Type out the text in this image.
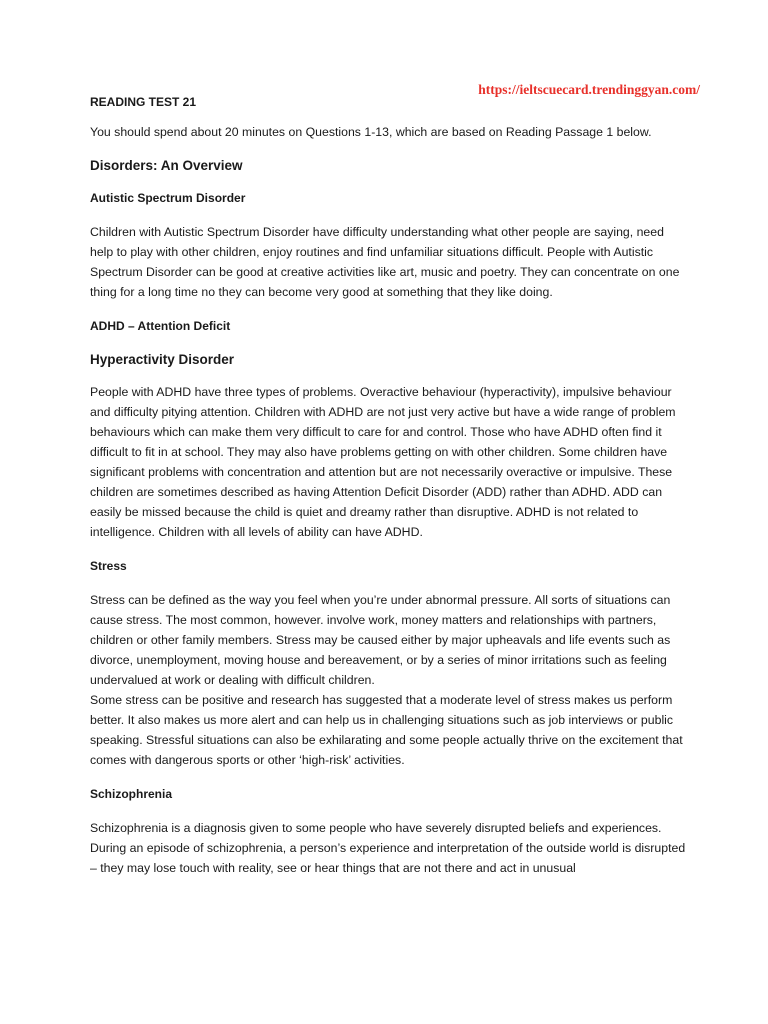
https://ieltscuecard.trendinggyan.com/
READING TEST 21

You should spend about 20 minutes on Questions 1-13, which are based on Reading Passage 1 below.

Disorders: An Overview

Autistic Spectrum Disorder

Children with Autistic Spectrum Disorder have difficulty understanding what other people are saying, need help to play with other children, enjoy routines and find unfamiliar situations difficult. People with Autistic Spectrum Disorder can be good at creative activities like art, music and poetry. They can concentrate on one thing for a long time no they can become very good at something that they like doing.

ADHD – Attention Deficit

Hyperactivity Disorder

People with ADHD have three types of problems. Overactive behaviour (hyperactivity), impulsive behaviour and difficulty pitying attention. Children with ADHD are not just very active but have a wide range of problem behaviours which can make them very difficult to care for and control. Those who have ADHD often find it difficult to fit in at school. They may also have problems getting on with other children. Some children have significant problems with concentration and attention but are not necessarily overactive or impulsive. These children are sometimes described as having Attention Deficit Disorder (ADD) rather than ADHD. ADD can easily be missed because the child is quiet and dreamy rather than disruptive. ADHD is not related to intelligence. Children with all levels of ability can have ADHD.

Stress

Stress can be defined as the way you feel when you’re under abnormal pressure. All sorts of situations can cause stress. The most common, however. involve work, money matters and relationships with partners, children or other family members. Stress may be caused either by major upheavals and life events such as divorce, unemployment, moving house and bereavement, or by a series of minor irritations such as feeling undervalued at work or dealing with difficult children.

Some stress can be positive and research has suggested that a moderate level of stress makes us perform better. It also makes us more alert and can help us in challenging situations such as job interviews or public speaking. Stressful situations can also be exhilarating and some people actually thrive on the excitement that comes with dangerous sports or other ‘high-risk’ activities.

Schizophrenia

Schizophrenia is a diagnosis given to some people who have severely disrupted beliefs and experiences. During an episode of schizophrenia, a person’s experience and interpretation of the outside world is disrupted – they may lose touch with reality, see or hear things that are not there and act in unusual
